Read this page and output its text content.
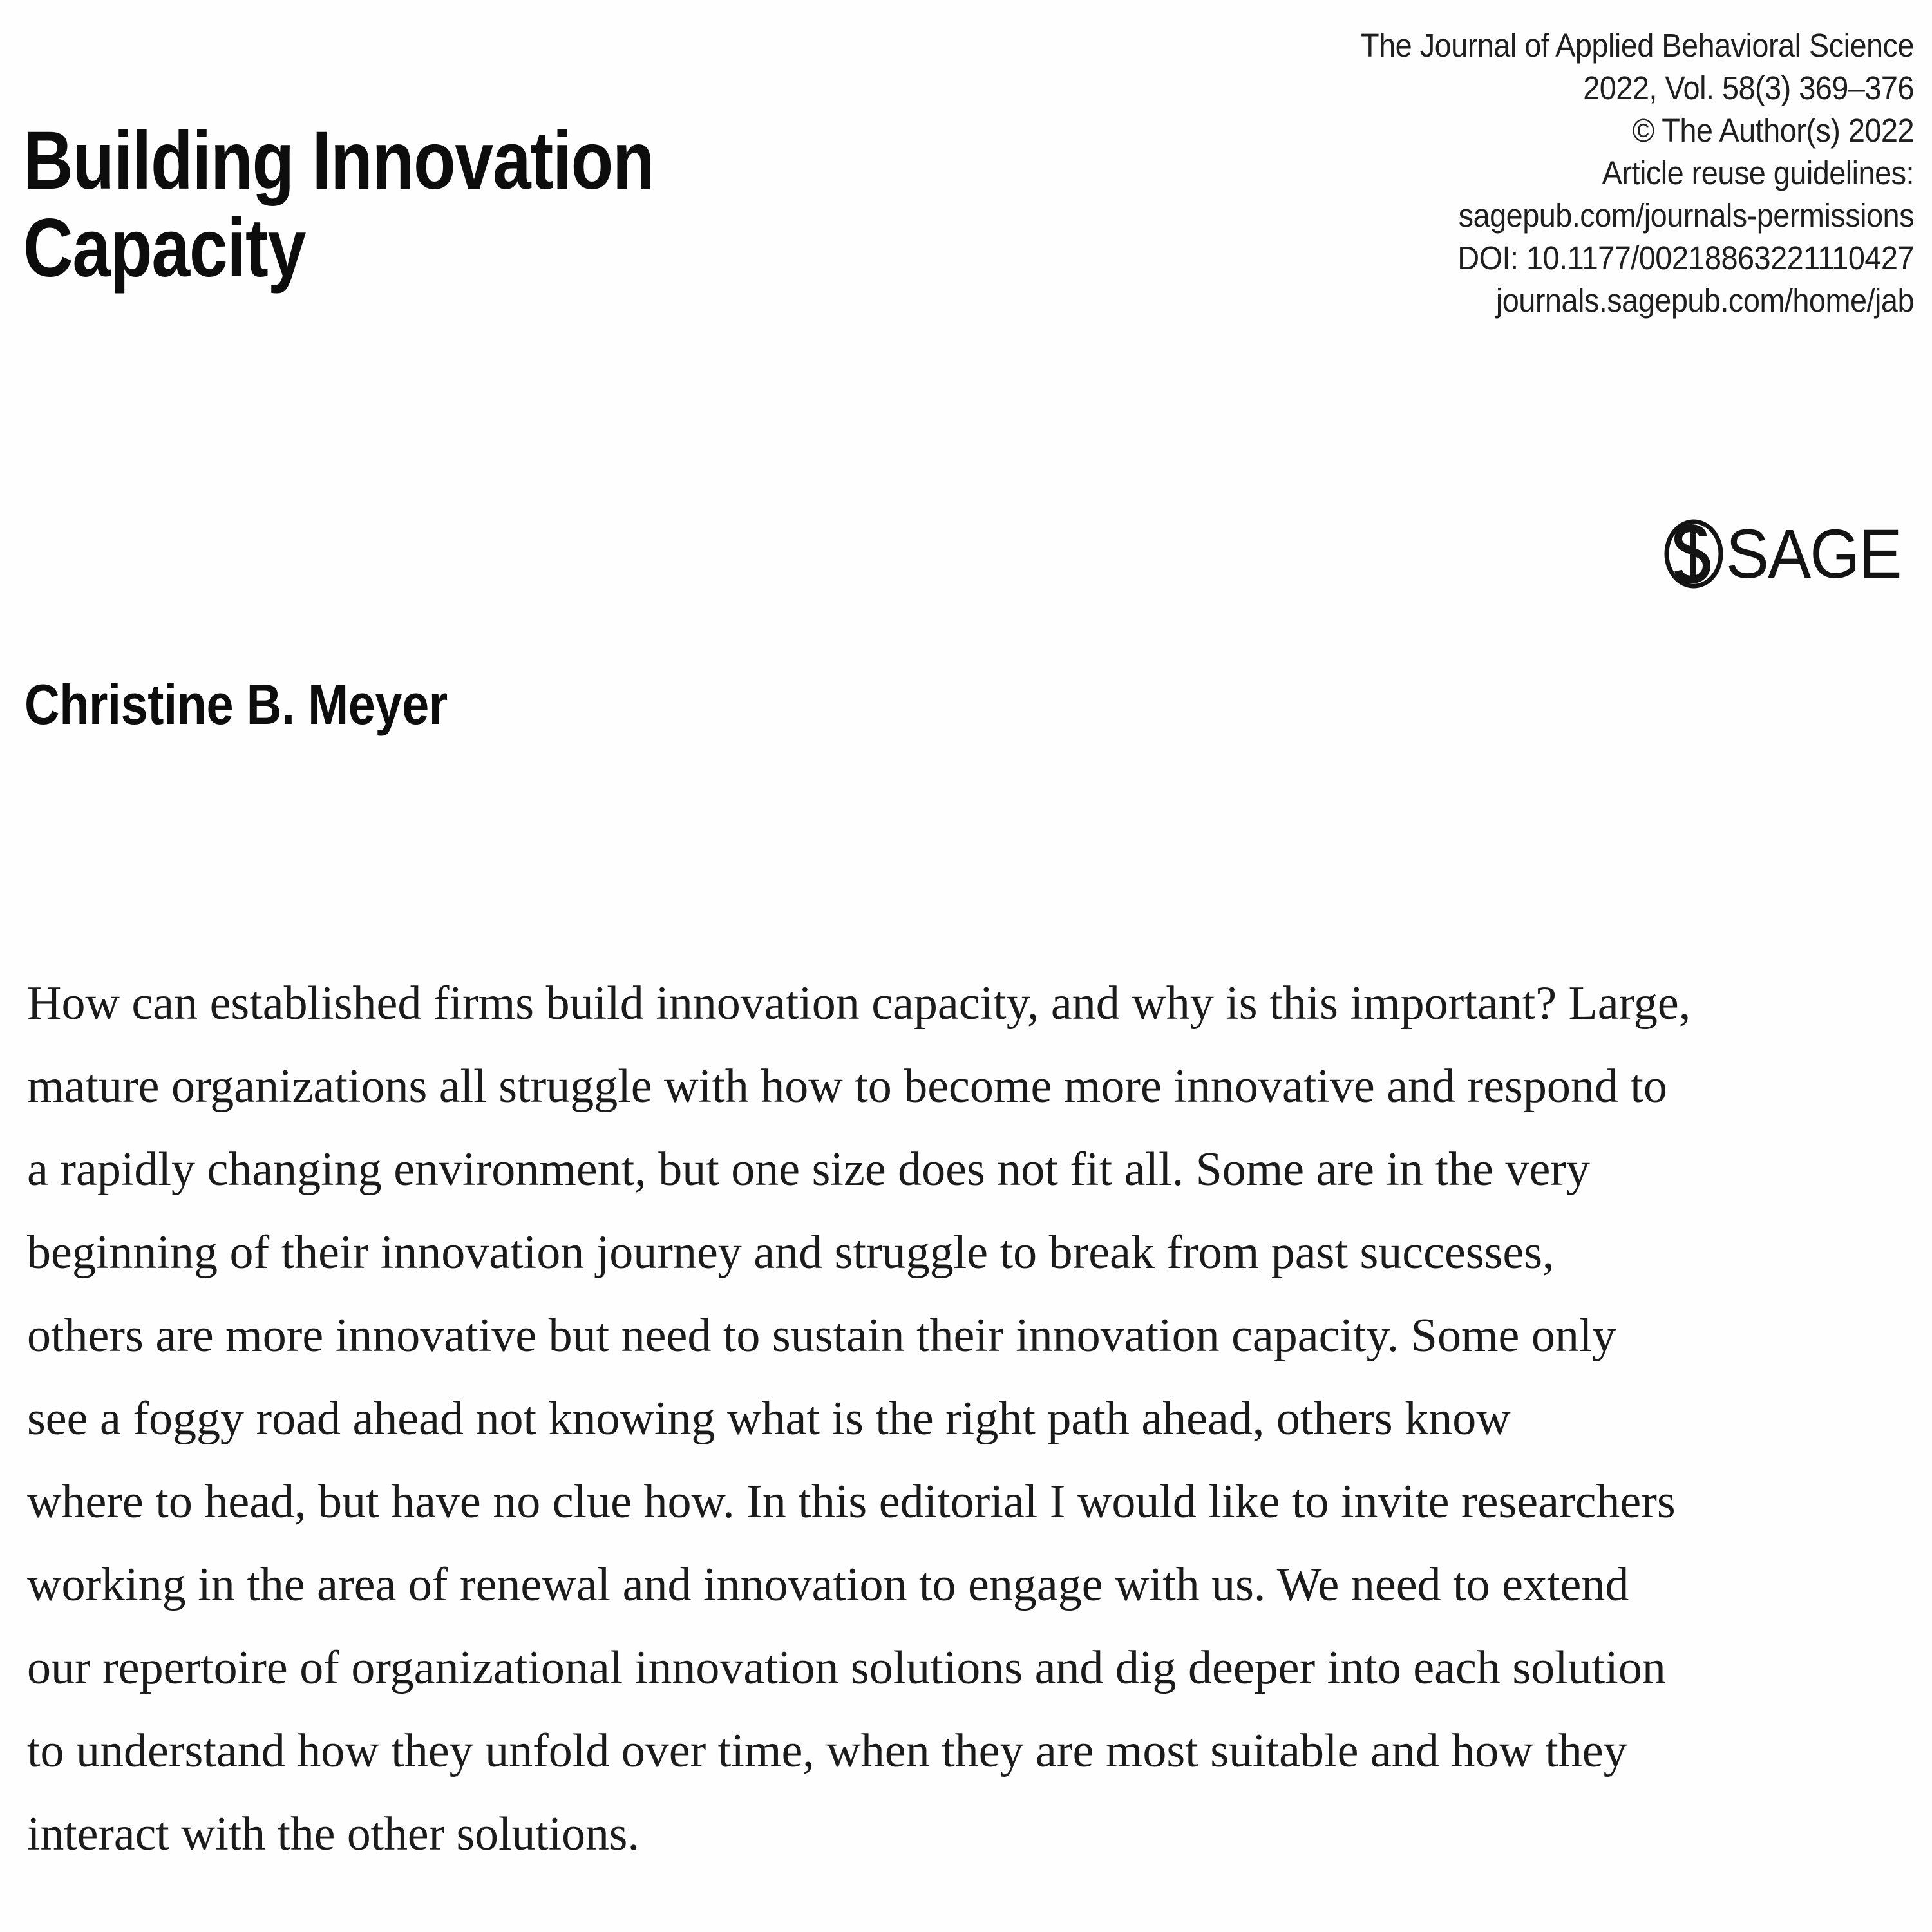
The Journal of Applied Behavioral Science
2022, Vol. 58(3) 369–376
© The Author(s) 2022
Article reuse guidelines:
sagepub.com/journals-permissions
DOI: 10.1177/00218863221110427
journals.sagepub.com/home/jab
SAGE
Building Innovation
Capacity
Christine B. Meyer
How can established firms build innovation capacity, and why is this important? Large,
mature organizations all struggle with how to become more innovative and respond to
a rapidly changing environment, but one size does not fit all. Some are in the very
beginning of their innovation journey and struggle to break from past successes,
others are more innovative but need to sustain their innovation capacity. Some only
see a foggy road ahead not knowing what is the right path ahead, others know
where to head, but have no clue how. In this editorial I would like to invite researchers
working in the area of renewal and innovation to engage with us. We need to extend
our repertoire of organizational innovation solutions and dig deeper into each solution
to understand how they unfold over time, when they are most suitable and how they
interact with the other solutions.
